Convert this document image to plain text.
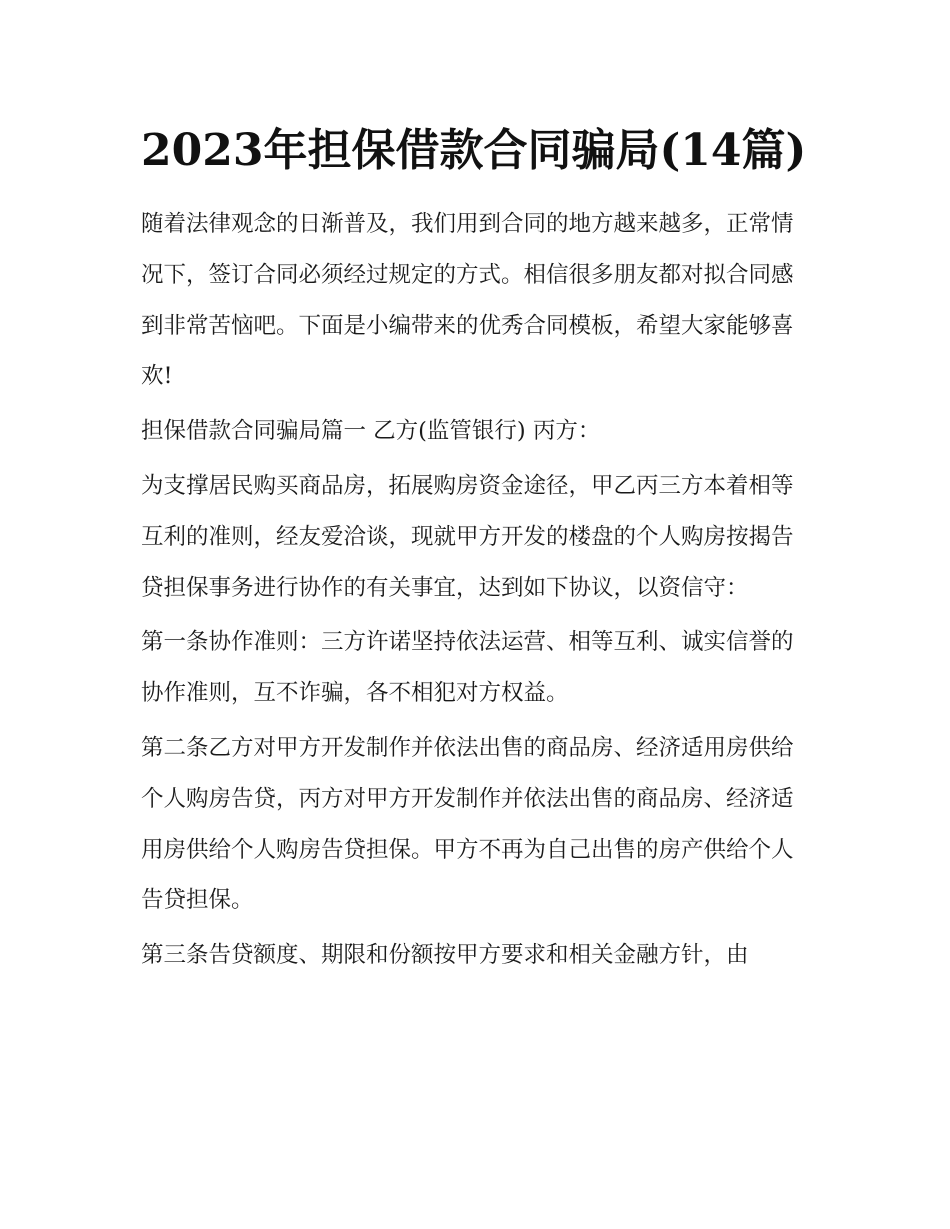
2023年担保借款合同骗局(14篇)

随着法律观念的日渐普及，我们用到合同的地方越来越多，正常情况下，签订合同必须经过规定的方式。相信很多朋友都对拟合同感到非常苦恼吧。下面是小编带来的优秀合同模板，希望大家能够喜欢!

担保借款合同骗局篇一 乙方(监管银行) 丙方：

为支撑居民购买商品房，拓展购房资金途径，甲乙丙三方本着相等互利的准则，经友爱洽谈，现就甲方开发的楼盘的个人购房按揭告贷担保事务进行协作的有关事宜，达到如下协议，以资信守：

第一条协作准则：三方许诺坚持依法运营、相等互利、诚实信誉的协作准则，互不诈骗，各不相犯对方权益。

第二条乙方对甲方开发制作并依法出售的商品房、经济适用房供给个人购房告贷，丙方对甲方开发制作并依法出售的商品房、经济适用房供给个人购房告贷担保。甲方不再为自己出售的房产供给个人告贷担保。

第三条告贷额度、期限和份额按甲方要求和相关金融方针，由
